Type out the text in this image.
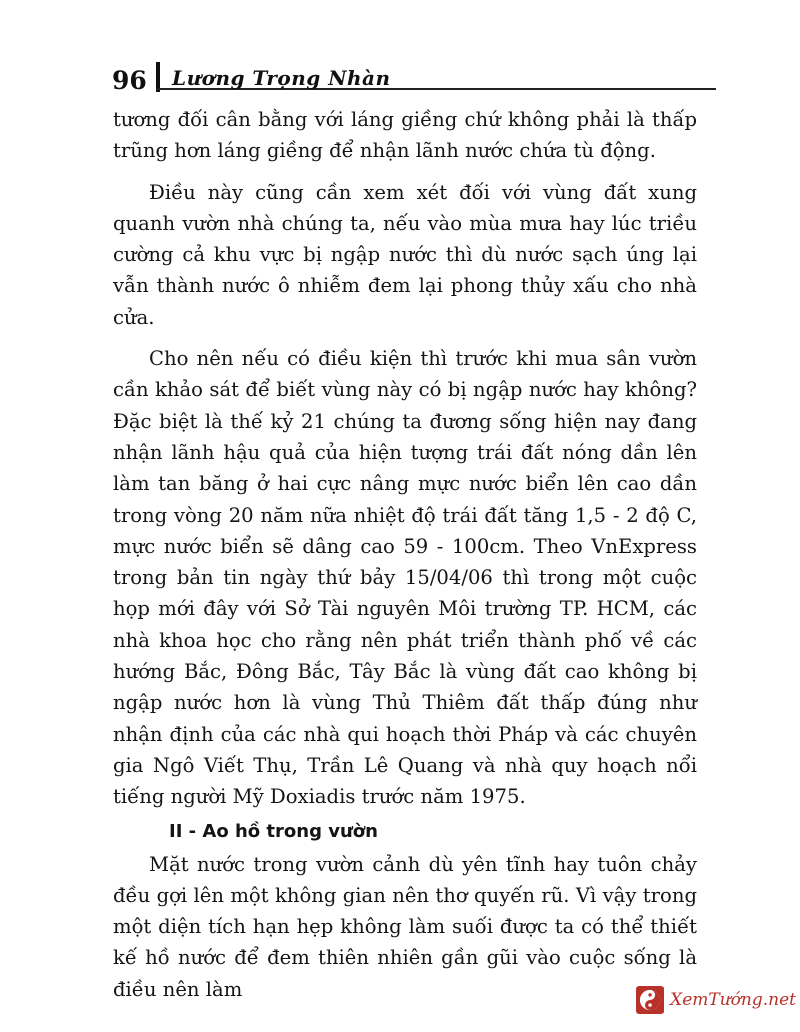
96 Lương Trọng Nhàn

tương đối cân bằng với láng giềng chứ không phải là thấp trũng hơn láng giềng để nhận lãnh nước chứa tù động.

Điều này cũng cần xem xét đối với vùng đất xung quanh vườn nhà chúng ta, nếu vào mùa mưa hay lúc triều cường cả khu vực bị ngập nước thì dù nước sạch úng lại vẫn thành nước ô nhiễm đem lại phong thủy xấu cho nhà cửa.

Cho nên nếu có điều kiện thì trước khi mua sân vườn cần khảo sát để biết vùng này có bị ngập nước hay không? Đặc biệt là thế kỷ 21 chúng ta đương sống hiện nay đang nhận lãnh hậu quả của hiện tượng trái đất nóng dần lên làm tan băng ở hai cực nâng mực nước biển lên cao dần trong vòng 20 năm nữa nhiệt độ trái đất tăng 1,5 - 2 độ C, mực nước biển sẽ dâng cao 59 - 100cm. Theo VnExpress trong bản tin ngày thứ bảy 15/04/06 thì trong một cuộc họp mới đây với Sở Tài nguyên Môi trường TP. HCM, các nhà khoa học cho rằng nên phát triển thành phố về các hướng Bắc, Đông Bắc, Tây Bắc là vùng đất cao không bị ngập nước hơn là vùng Thủ Thiêm đất thấp đúng như nhận định của các nhà qui hoạch thời Pháp và các chuyên gia Ngô Viết Thụ, Trần Lê Quang và nhà quy hoạch nổi tiếng người Mỹ Doxiadis trước năm 1975.

II - Ao hồ trong vườn

Mặt nước trong vườn cảnh dù yên tĩnh hay tuôn chảy đều gợi lên một không gian nên thơ quyến rũ. Vì vậy trong một diện tích hạn hẹp không làm suối được ta có thể thiết kế hồ nước để đem thiên nhiên gần gũi vào cuộc sống là điều nên làm	XemTướng.net
